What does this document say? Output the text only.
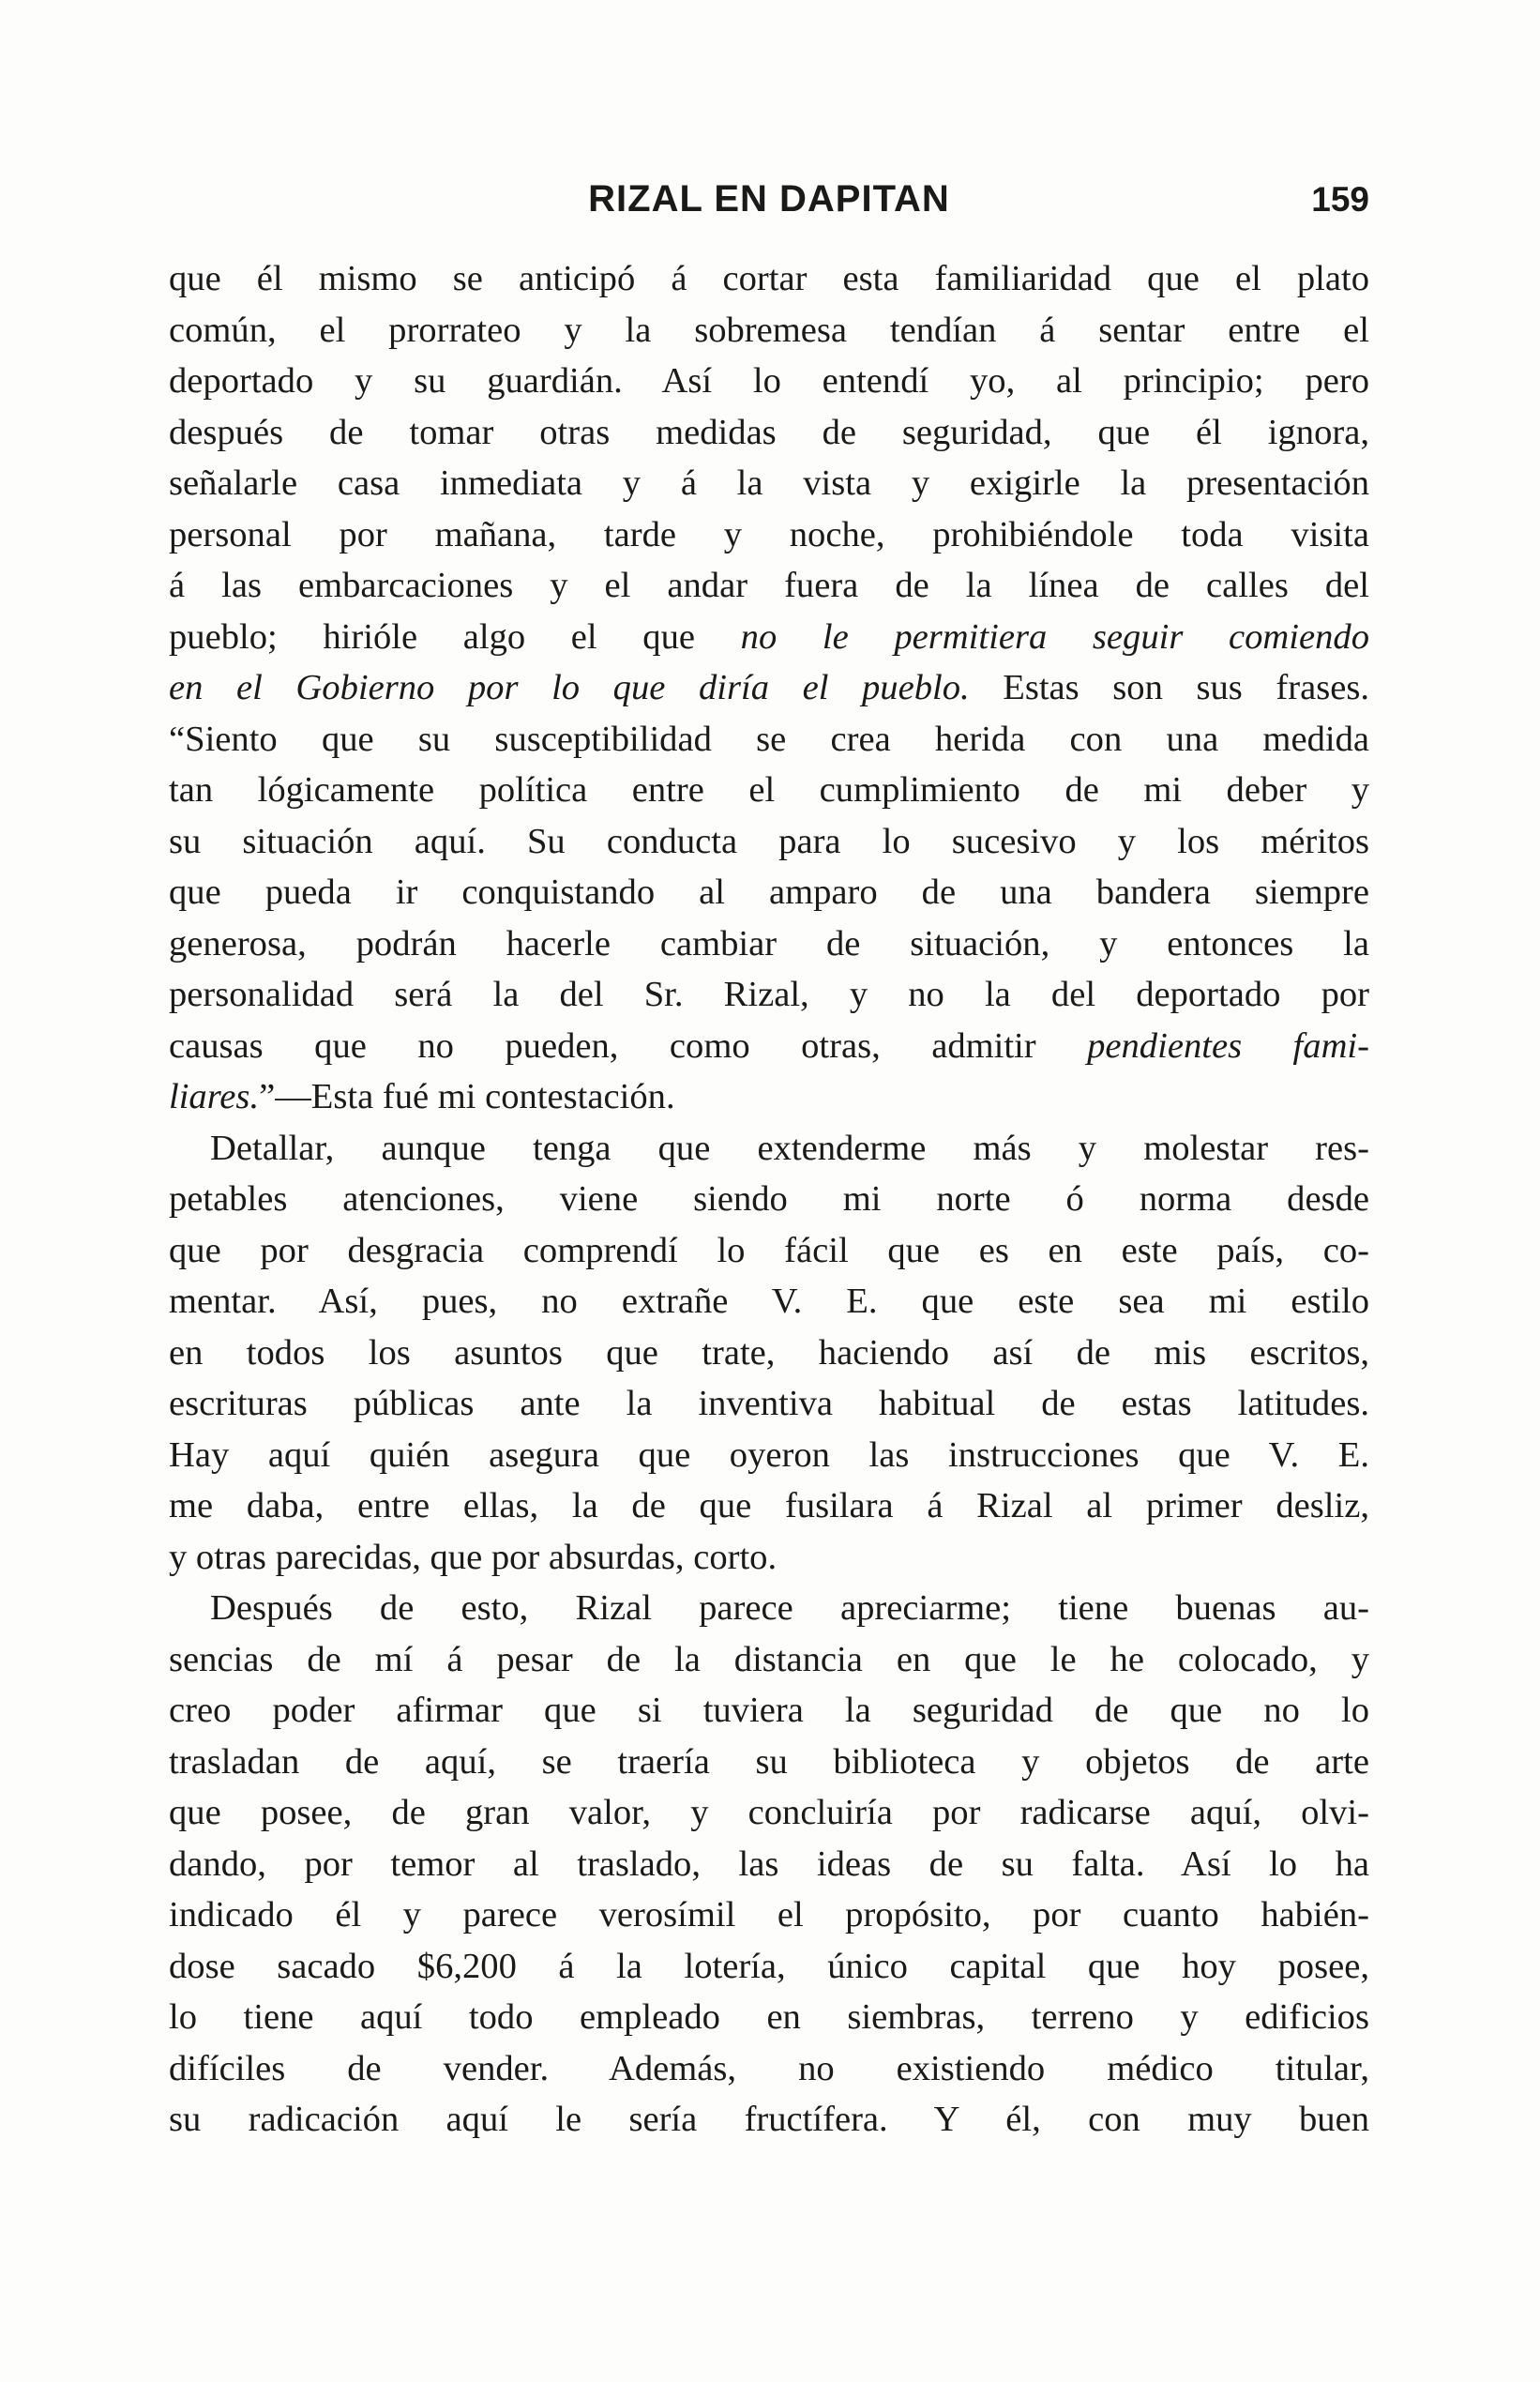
RIZAL EN DAPITAN	159
que él mismo se anticipó á cortar esta familiaridad que el plato
común, el prorrateo y la sobremesa tendían á sentar entre el
deportado y su guardián. Así lo entendí yo, al principio; pero
después de tomar otras medidas de seguridad, que él ignora,
señalarle casa inmediata y á la vista y exigirle la presentación
personal por mañana, tarde y noche, prohibiéndole toda visita
á las embarcaciones y el andar fuera de la línea de calles del
pueblo; hirióle algo el que no le permitiera seguir comiendo
en el Gobierno por lo que diría el pueblo. Estas son sus frases.
“Siento que su susceptibilidad se crea herida con una medida
tan lógicamente política entre el cumplimiento de mi deber y
su situación aquí. Su conducta para lo sucesivo y los méritos
que pueda ir conquistando al amparo de una bandera siempre
generosa, podrán hacerle cambiar de situación, y entonces la
personalidad será la del Sr. Rizal, y no la del deportado por
causas que no pueden, como otras, admitir pendientes fami-
liares.”—Esta fué mi contestación.
Detallar, aunque tenga que extenderme más y molestar res-
petables atenciones, viene siendo mi norte ó norma desde
que por desgracia comprendí lo fácil que es en este país, co-
mentar. Así, pues, no extrañe V. E. que este sea mi estilo
en todos los asuntos que trate, haciendo así de mis escritos,
escrituras públicas ante la inventiva habitual de estas latitudes.
Hay aquí quién asegura que oyeron las instrucciones que V. E.
me daba, entre ellas, la de que fusilara á Rizal al primer desliz,
y otras parecidas, que por absurdas, corto.
Después de esto, Rizal parece apreciarme; tiene buenas au-
sencias de mí á pesar de la distancia en que le he colocado, y
creo poder afirmar que si tuviera la seguridad de que no lo
trasladan de aquí, se traería su biblioteca y objetos de arte
que posee, de gran valor, y concluiría por radicarse aquí, olvi-
dando, por temor al traslado, las ideas de su falta. Así lo ha
indicado él y parece verosímil el propósito, por cuanto habién-
dose sacado $6,200 á la lotería, único capital que hoy posee,
lo tiene aquí todo empleado en siembras, terreno y edificios
difíciles de vender. Además, no existiendo médico titular,
su radicación aquí le sería fructífera. Y él, con muy buen
